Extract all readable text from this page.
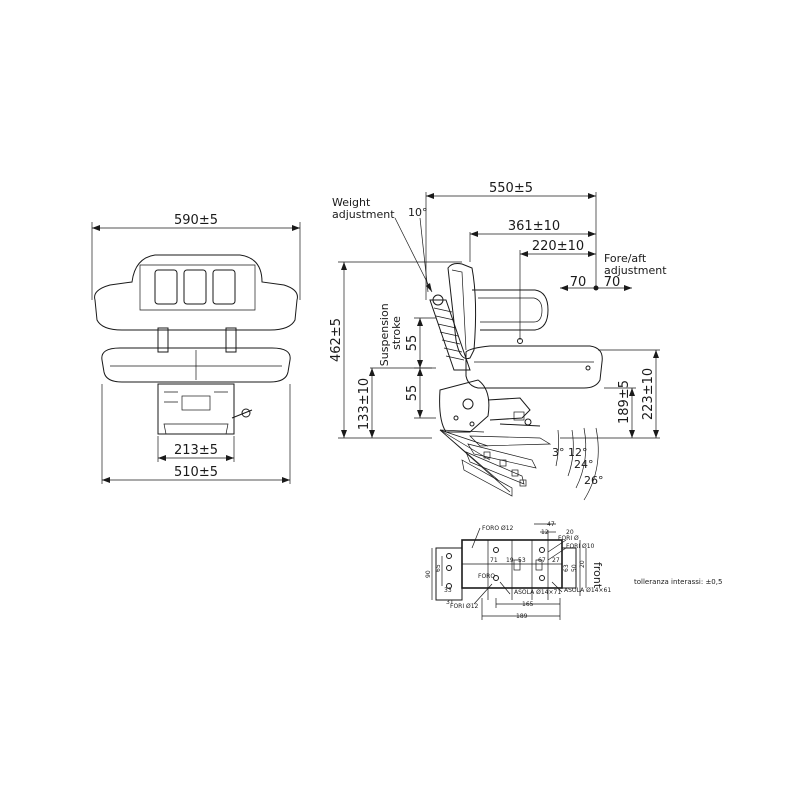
590±5
213±5
510±5
Weight adjustment 10°
550±5
361±10
220±10
Fore/aft adjustment
70 70
462±5
133±10
Suspension stroke 55
55
3° 12°
24°
26°
189±5 223±10
FORO Ø12
FORI Ø
FORI Ø10
FORO
ASOLA Ø14×71 ASOLA Ø14×61
FORI Ø12
front
47
20
12
71 19 53 67 27
31
90
65	63 50
20
33
165
189
tolleranza interassi: ±0,5
